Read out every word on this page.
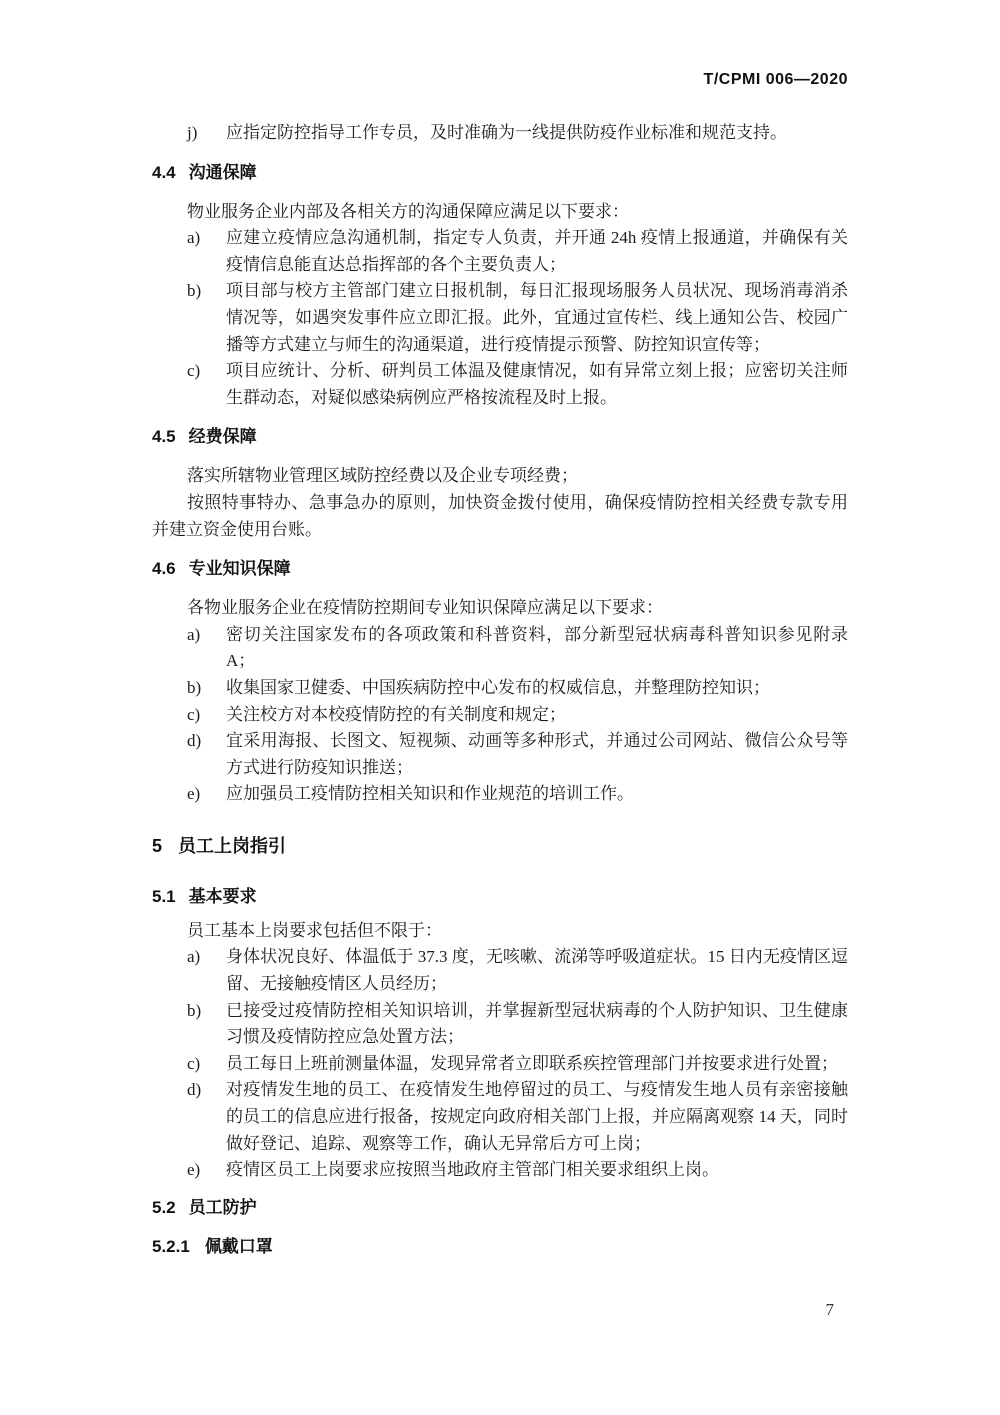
T/CPMI 006—2020
j)	应指定防控指导工作专员，及时准确为一线提供防疫作业标准和规范支持。
4.4 沟通保障

物业服务企业内部及各相关方的沟通保障应满足以下要求：

a)	应建立疫情应急沟通机制，指定专人负责，并开通 24h 疫情上报通道，并确保有关疫情信息能直达总指挥部的各个主要负责人；
b)	项目部与校方主管部门建立日报机制，每日汇报现场服务人员状况、现场消毒消杀情况等，如遇突发事件应立即汇报。此外，宜通过宣传栏、线上通知公告、校园广播等方式建立与师生的沟通渠道，进行疫情提示预警、防控知识宣传等；
c)	项目应统计、分析、研判员工体温及健康情况，如有异常立刻上报；应密切关注师生群动态，对疑似感染病例应严格按流程及时上报。
4.5 经费保障

落实所辖物业管理区域防控经费以及企业专项经费；

按照特事特办、急事急办的原则，加快资金拨付使用，确保疫情防控相关经费专款专用并建立资金使用台账。

4.6 专业知识保障

各物业服务企业在疫情防控期间专业知识保障应满足以下要求：

a)	密切关注国家发布的各项政策和科普资料，部分新型冠状病毒科普知识参见附录A；
b)	收集国家卫健委、中国疾病防控中心发布的权威信息，并整理防控知识；
c)	关注校方对本校疫情防控的有关制度和规定；
d)	宜采用海报、长图文、短视频、动画等多种形式，并通过公司网站、微信公众号等方式进行防疫知识推送；
e)	应加强员工疫情防控相关知识和作业规范的培训工作。
5 员工上岗指引
5.1 基本要求

员工基本上岗要求包括但不限于：

a)	身体状况良好、体温低于 37.3 度，无咳嗽、流涕等呼吸道症状。15 日内无疫情区逗留、无接触疫情区人员经历；
b)	已接受过疫情防控相关知识培训，并掌握新型冠状病毒的个人防护知识、卫生健康习惯及疫情防控应急处置方法；
c)	员工每日上班前测量体温，发现异常者立即联系疾控管理部门并按要求进行处置；
d)	对疫情发生地的员工、在疫情发生地停留过的员工、与疫情发生地人员有亲密接触的员工的信息应进行报备，按规定向政府相关部门上报，并应隔离观察 14 天，同时做好登记、追踪、观察等工作，确认无异常后方可上岗；
e)	疫情区员工上岗要求应按照当地政府主管部门相关要求组织上岗。
5.2 员工防护
5.2.1 佩戴口罩
7
